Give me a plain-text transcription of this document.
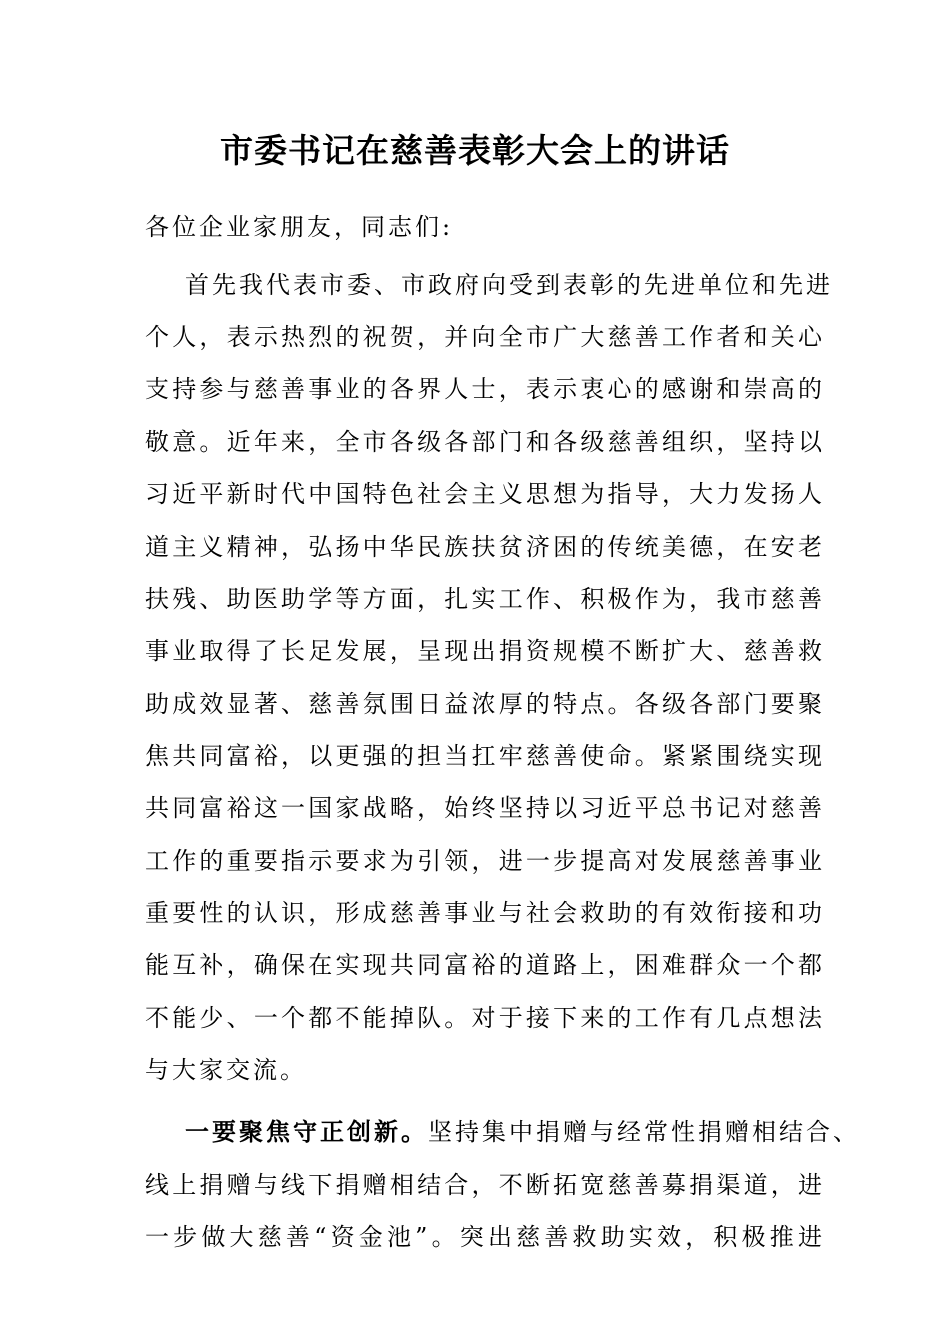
市委书记在慈善表彰大会上的讲话
各位企业家朋友，同志们:
首先我代表市委、市政府向受到表彰的先进单位和先进
个人，表示热烈的祝贺，并向全市广大慈善工作者和关心
支持参与慈善事业的各界人士，表示衷心的感谢和崇高的
敬意。近年来，全市各级各部门和各级慈善组织，坚持以
习近平新时代中国特色社会主义思想为指导，大力发扬人
道主义精神，弘扬中华民族扶贫济困的传统美德，在安老
扶残、助医助学等方面，扎实工作、积极作为，我市慈善
事业取得了长足发展，呈现出捐资规模不断扩大、慈善救
助成效显著、慈善氛围日益浓厚的特点。各级各部门要聚
焦共同富裕，以更强的担当扛牢慈善使命。紧紧围绕实现
共同富裕这一国家战略，始终坚持以习近平总书记对慈善
工作的重要指示要求为引领，进一步提高对发展慈善事业
重要性的认识，形成慈善事业与社会救助的有效衔接和功
能互补，确保在实现共同富裕的道路上，困难群众一个都
不能少、一个都不能掉队。对于接下来的工作有几点想法
与大家交流。
一要聚焦守正创新。坚持集中捐赠与经常性捐赠相结合、
线上捐赠与线下捐赠相结合，不断拓宽慈善募捐渠道，进
一步做大慈善“资金池”。突出慈善救助实效，积极推进
